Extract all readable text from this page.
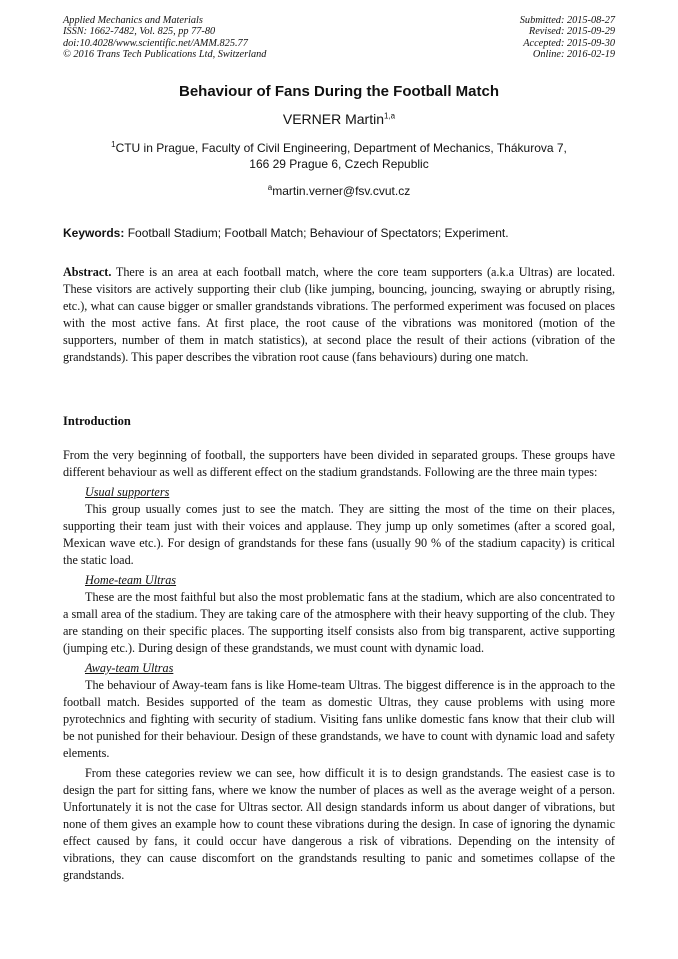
Applied Mechanics and Materials
ISSN: 1662-7482, Vol. 825, pp 77-80
doi:10.4028/www.scientific.net/AMM.825.77
© 2016 Trans Tech Publications Ltd, Switzerland
Submitted: 2015-08-27
Revised: 2015-09-29
Accepted: 2015-09-30
Online: 2016-02-19
Behaviour of Fans During the Football Match
VERNER Martin$^{1,a}$
$^1$CTU in Prague, Faculty of Civil Engineering, Department of Mechanics, Thákurova 7,
166 29 Prague 6, Czech Republic
$^a$martin.verner@fsv.cvut.cz
Keywords: Football Stadium; Football Match; Behaviour of Spectators; Experiment.

Abstract. There is an area at each football match, where the core team supporters (a.k.a Ultras) are located. These visitors are actively supporting their club (like jumping, bouncing, jouncing, swaying or abruptly rising, etc.), what can cause bigger or smaller grandstands vibrations. The performed experiment was focused on places with the most active fans. At first place, the root cause of the vibrations was monitored (motion of the supporters, number of them in match statistics), at second place the result of their actions (vibration of the grandstands). This paper describes the vibration root cause (fans behaviours) during one match.

Introduction

From the very beginning of football, the supporters have been divided in separated groups. These groups have different behaviour as well as different effect on the stadium grandstands. Following are the three main types:

Usual supporters

This group usually comes just to see the match. They are sitting the most of the time on their places, supporting their team just with their voices and applause. They jump up only sometimes (after a scored goal, Mexican wave etc.). For design of grandstands for these fans (usually 90 % of the stadium capacity) is critical the static load.

Home-team Ultras

These are the most faithful but also the most problematic fans at the stadium, which are also concentrated to a small area of the stadium. They are taking care of the atmosphere with their heavy supporting of the club. They are standing on their specific places. The supporting itself consists also from big transparent, active supporting (jumping etc.). During design of these grandstands, we must count with dynamic load.

Away-team Ultras

The behaviour of Away-team fans is like Home-team Ultras. The biggest difference is in the approach to the football match. Besides supported of the team as domestic Ultras, they cause problems with using more pyrotechnics and fighting with security of stadium. Visiting fans unlike domestic fans know that their club will be not punished for their behaviour. Design of these grandstands, we have to count with dynamic load and safety elements.

From these categories review we can see, how difficult it is to design grandstands. The easiest case is to design the part for sitting fans, where we know the number of places as well as the average weight of a person. Unfortunately it is not the case for Ultras sector. All design standards inform us about danger of vibrations, but none of them gives an example how to count these vibrations during the design. In case of ignoring the dynamic effect caused by fans, it could occur have dangerous a risk of vibrations. Depending on the intensity of vibrations, they can cause discomfort on the grandstands resulting to panic and sometimes collapse of the grandstands.
